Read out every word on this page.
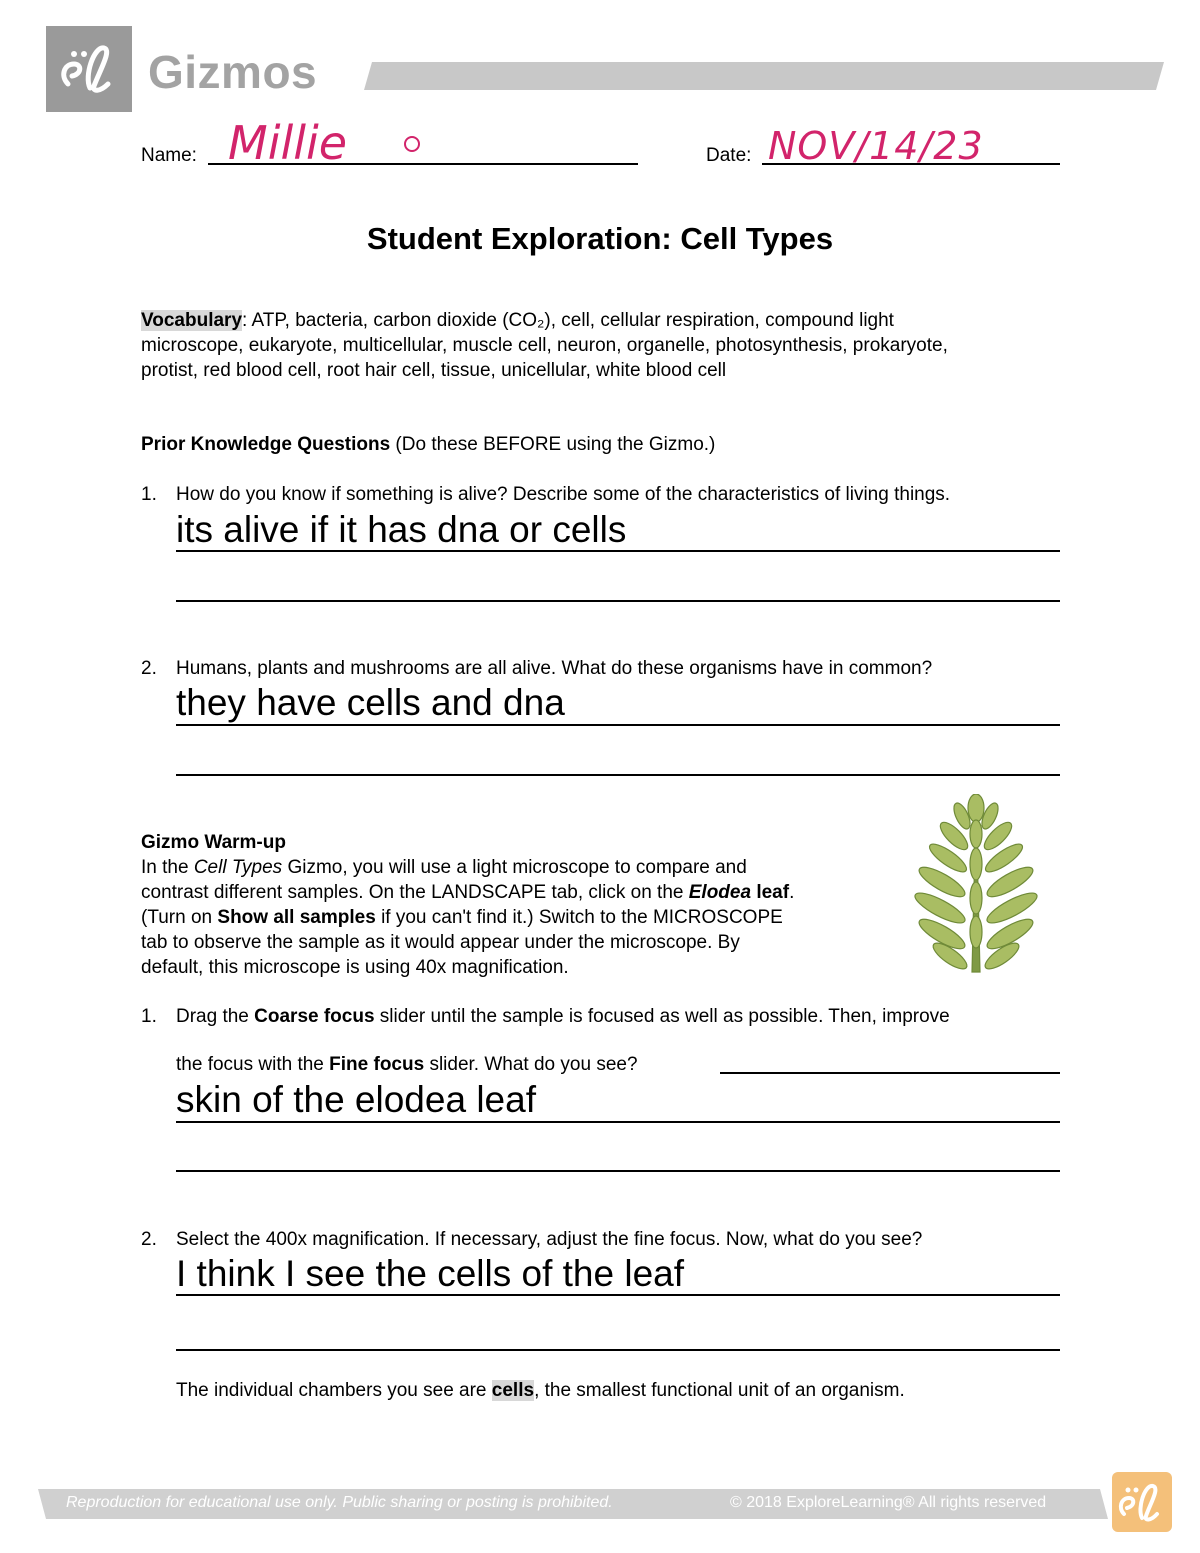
Gizmos
Name: Millie	Date: NOV/14/23
Student Exploration: Cell Types
Vocabulary: ATP, bacteria, carbon dioxide (CO₂), cell, cellular respiration, compound light
microscope, eukaryote, multicellular, muscle cell, neuron, organelle, photosynthesis, prokaryote,
protist, red blood cell, root hair cell, tissue, unicellular, white blood cell
Prior Knowledge Questions (Do these BEFORE using the Gizmo.)
1.	How do you know if something is alive? Describe some of the characteristics of living things.
its alive if it has dna or cells
2.	Humans, plants and mushrooms are all alive. What do these organisms have in common?
they have cells and dna
Gizmo Warm-up
In the Cell Types Gizmo, you will use a light microscope to compare and
contrast different samples. On the LANDSCAPE tab, click on the Elodea leaf.
(Turn on Show all samples if you can't find it.) Switch to the MICROSCOPE
tab to observe the sample as it would appear under the microscope. By
default, this microscope is using 40x magnification.
1.	Drag the Coarse focus slider until the sample is focused as well as possible. Then, improve
the focus with the Fine focus slider. What do you see?
skin of the elodea leaf
2.	Select the 400x magnification. If necessary, adjust the fine focus. Now, what do you see?
I think I see the cells of the leaf
The individual chambers you see are cells, the smallest functional unit of an organism.
Reproduction for educational use only. Public sharing or posting is prohibited.	© 2018 ExploreLearning® All rights reserved
